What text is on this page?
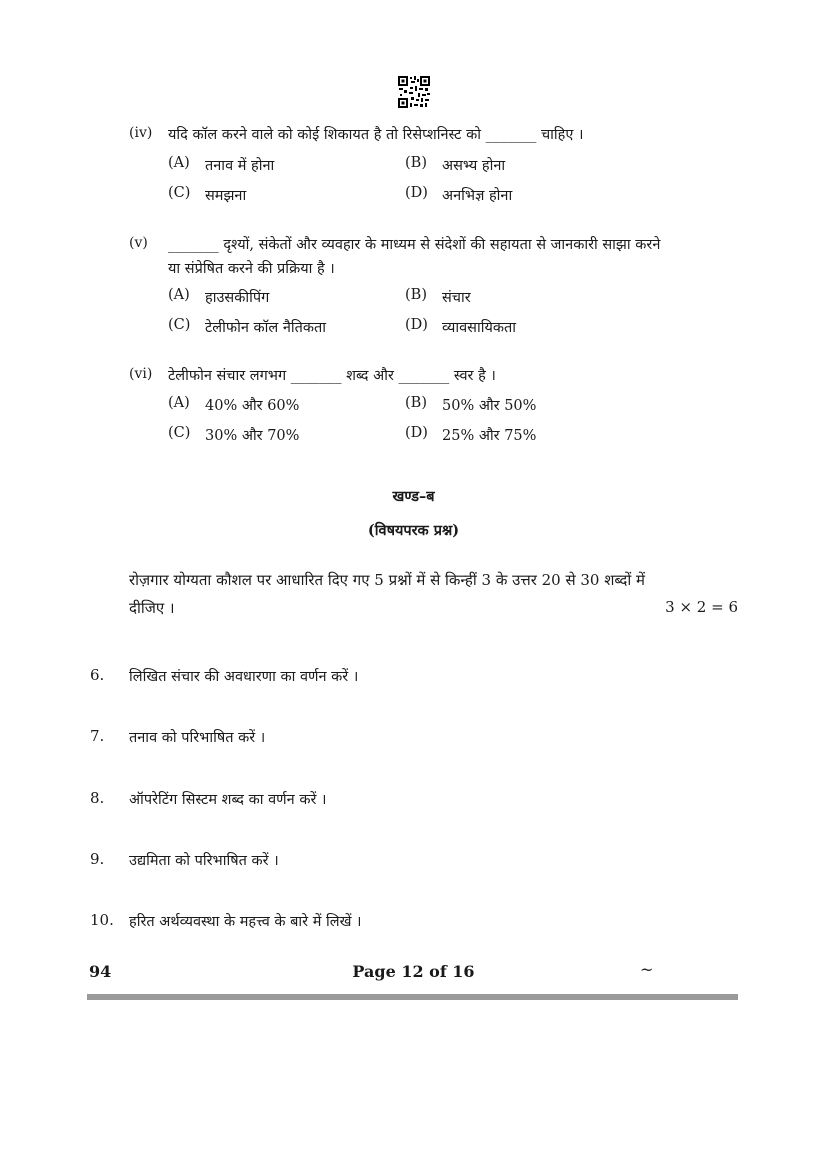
(iv) यदि कॉल करने वाले को कोई शिकायत है तो रिसेप्शनिस्ट को _______ चाहिए ।
(A) तनाव में होना	(B) असभ्य होना
(C) समझना	(D) अनभिज्ञ होना
(v) _______ दृश्यों, संकेतों और व्यवहार के माध्यम से संदेशों की सहायता से जानकारी साझा करने
या संप्रेषित करने की प्रक्रिया है ।
(A) हाउसकीपिंग	(B) संचार
(C) टेलीफोन कॉल नैतिकता	(D) व्यावसायिकता
(vi) टेलीफोन संचार लगभग _______ शब्द और _______ स्वर है ।
(A) 40% और 60%	(B) 50% और 50%
(C) 30% और 70%	(D) 25% और 75%
खण्ड–ब
(विषयपरक प्रश्न)
रोज़गार योग्यता कौशल पर आधारित दिए गए 5 प्रश्नों में से किन्हीं 3 के उत्तर 20 से 30 शब्दों में
दीजिए ।	3 × 2 = 6
6. लिखित संचार की अवधारणा का वर्णन करें ।
7. तनाव को परिभाषित करें ।
8. ऑपरेटिंग सिस्टम शब्द का वर्णन करें ।
9. उद्यमिता को परिभाषित करें ।
10. हरित अर्थव्यवस्था के महत्त्व के बारे में लिखें ।
94	Page 12 of 16	~
